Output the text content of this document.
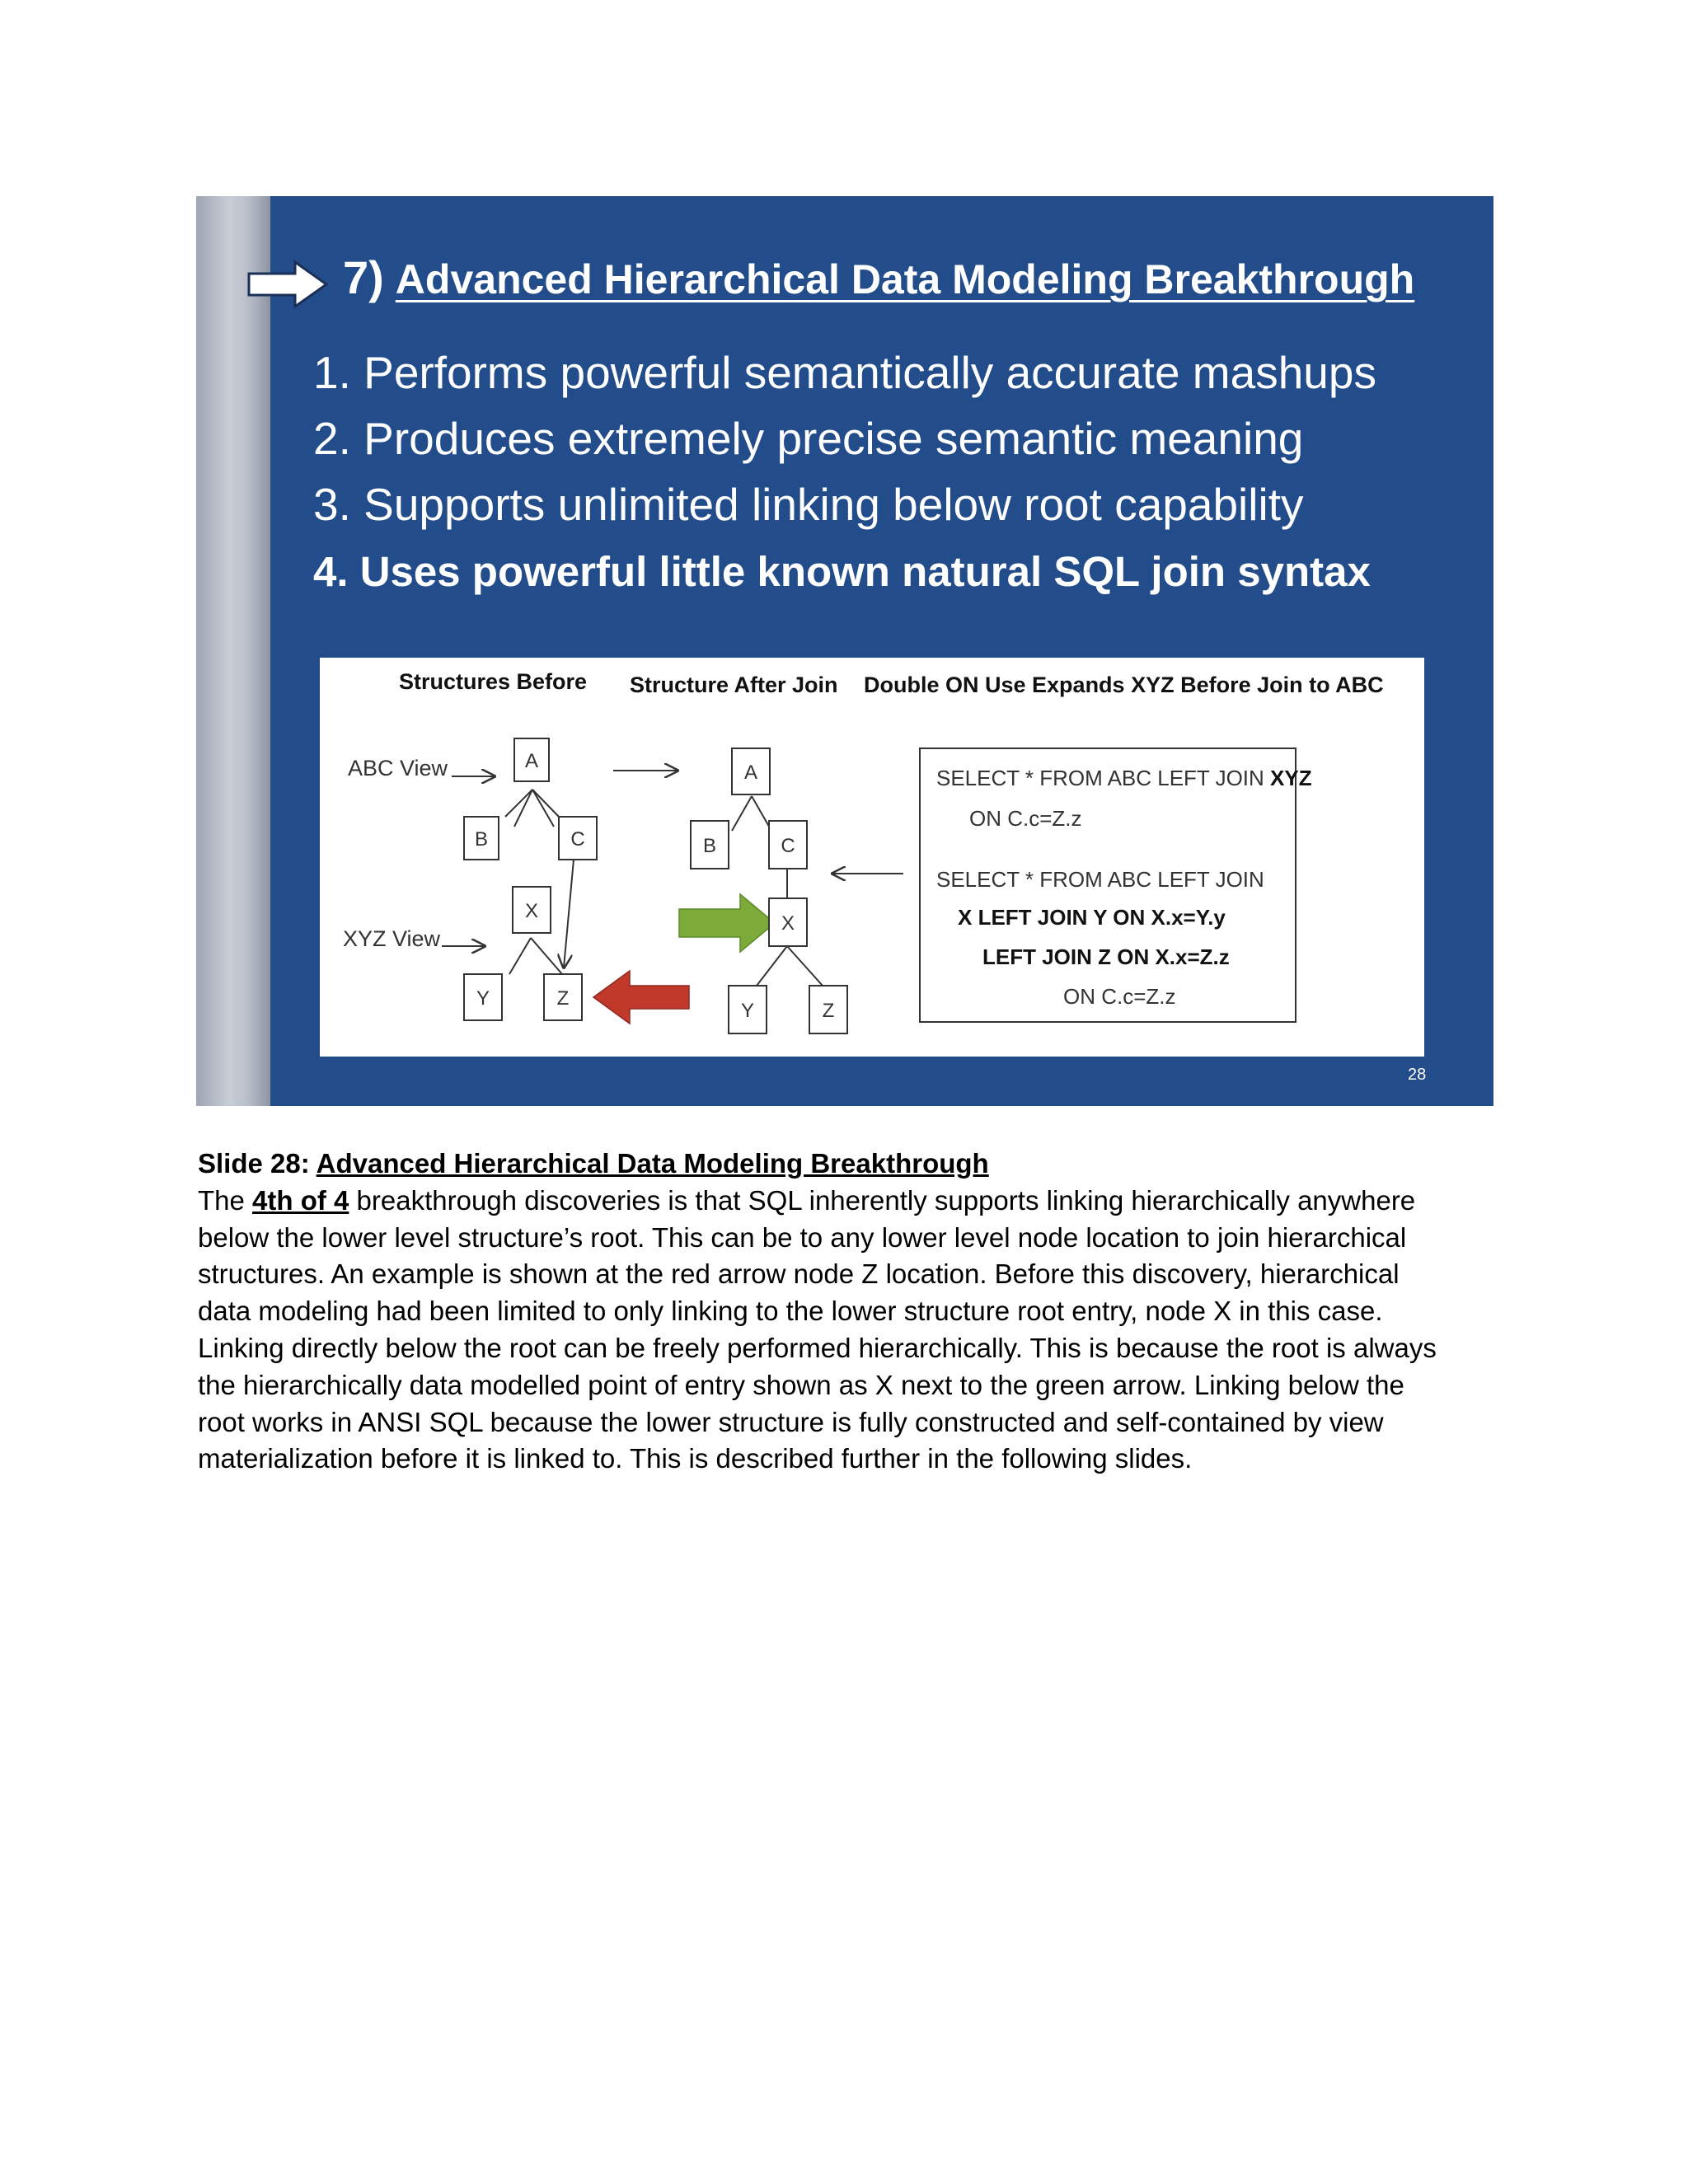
7) Advanced Hierarchical Data Modeling Breakthrough
1. Performs powerful semantically accurate mashups
2. Produces extremely precise semantic meaning
3. Supports unlimited linking below root capability
4. Uses powerful little known natural SQL join syntax
Structures Before Structure After Join Double ON Use Expands XYZ Before Join to ABC
ABC View
XYZ View
A
B	C
X
Y	Z
A
B	C
X
Y	Z
SELECT * FROM ABC LEFT JOIN XYZ
ON C.c=Z.z
SELECT * FROM ABC LEFT JOIN
X LEFT JOIN Y ON X.x=Y.y
LEFT JOIN Z ON X.x=Z.z
ON C.c=Z.z
28
Slide 28: Advanced Hierarchical Data Modeling Breakthrough
The 4th of 4 breakthrough discoveries is that SQL inherently supports linking hierarchically anywhere
below the lower level structure’s root. This can be to any lower level node location to join hierarchical
structures. An example is shown at the red arrow node Z location. Before this discovery, hierarchical
data modeling had been limited to only linking to the lower structure root entry, node X in this case.
Linking directly below the root can be freely performed hierarchically. This is because the root is always
the hierarchically data modelled point of entry shown as X next to the green arrow. Linking below the
root works in ANSI SQL because the lower structure is fully constructed and self-contained by view
materialization before it is linked to. This is described further in the following slides.
